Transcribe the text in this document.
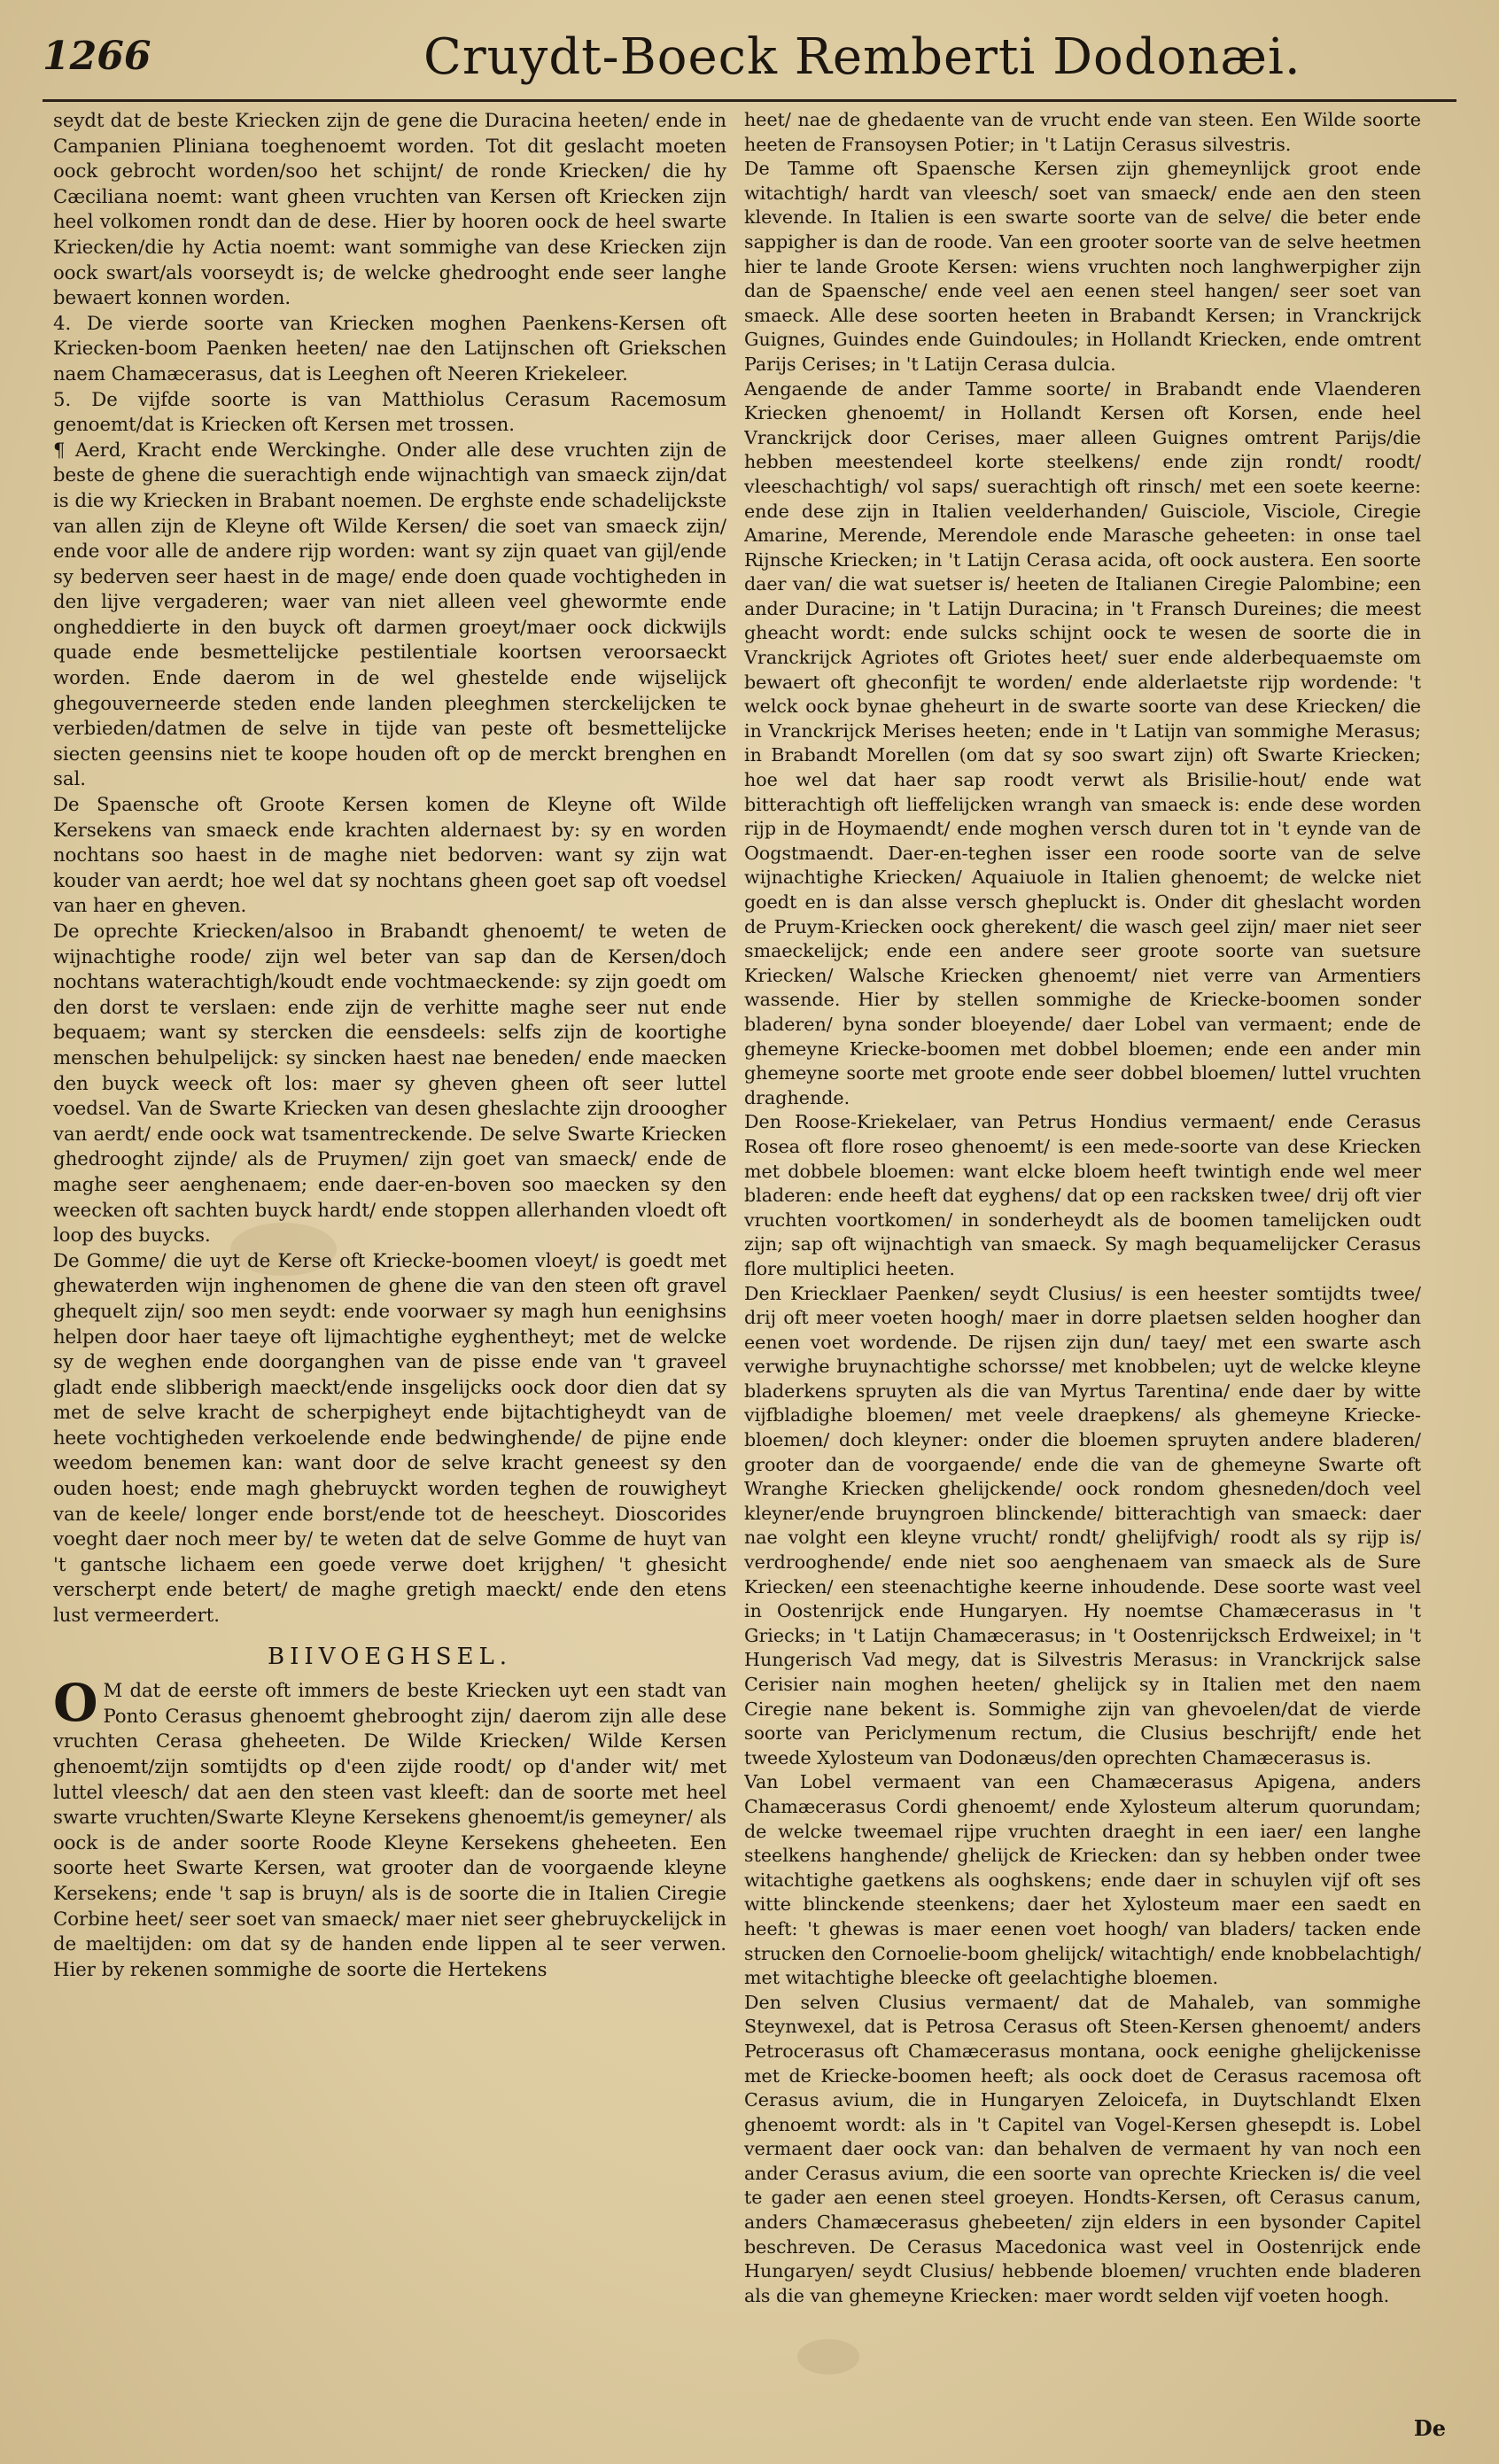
1266	Cruydt-Boeck Remberti Dodonæi.

seydt dat de beste Kriecken zijn de gene die Duracina heeten/ ende in Campanien Pliniana toeghenoemt worden. Tot dit geslacht moeten oock gebrocht worden/soo het schijnt/ de ronde Kriecken/ die hy Cæciliana noemt: want gheen vruchten van Kersen oft Kriecken zijn heel volkomen rondt dan de dese. Hier by hooren oock de heel swarte Kriecken/die hy Actia noemt: want sommighe van dese Kriecken zijn oock swart/als voorseydt is; de welcke ghedrooght ende seer langhe bewaert konnen worden.

4. De vierde soorte van Kriecken moghen Paenkens-Kersen oft Kriecken-boom Paenken heeten/ nae den Latijnschen oft Griekschen naem Chamæcerasus, dat is Leeghen oft Neeren Kriekeleer.

5. De vijfde soorte is van Matthiolus Cerasum Racemosum genoemt/dat is Kriecken oft Kersen met trossen.

¶ Aerd, Kracht ende Werckinghe. Onder alle dese vruchten zijn de beste de ghene die suerachtigh ende wijnachtigh van smaeck zijn/dat is die wy Kriecken in Brabant noemen. De erghste ende schadelijckste van allen zijn de Kleyne oft Wilde Kersen/ die soet van smaeck zijn/ ende voor alle de andere rijp worden: want sy zijn quaet van gijl/ende sy bederven seer haest in de mage/ ende doen quade vochtigheden in den lijve vergaderen; waer van niet alleen veel ghewormte ende ongheddierte in den buyck oft darmen groeyt/maer oock dickwijls quade ende besmettelijcke pestilentiale koortsen veroorsaeckt worden. Ende daerom in de wel ghestelde ende wijselijck ghegouverneerde steden ende landen pleeghmen sterckelijcken te verbieden/datmen de selve in tijde van peste oft besmettelijcke siecten geensins niet te koope houden oft op de merckt brenghen en sal.

De Spaensche oft Groote Kersen komen de Kleyne oft Wilde Kersekens van smaeck ende krachten aldernaest by: sy en worden nochtans soo haest in de maghe niet bedorven: want sy zijn wat kouder van aerdt; hoe wel dat sy nochtans gheen goet sap oft voedsel van haer en gheven.

De oprechte Kriecken/alsoo in Brabandt ghenoemt/ te weten de wijnachtighe roode/ zijn wel beter van sap dan de Kersen/doch nochtans waterachtigh/koudt ende vochtmaeckende: sy zijn goedt om den dorst te verslaen: ende zijn de verhitte maghe seer nut ende bequaem; want sy stercken die eensdeels: selfs zijn de koortighe menschen behulpelijck: sy sincken haest nae beneden/ ende maecken den buyck weeck oft los: maer sy gheven gheen oft seer luttel voedsel. Van de Swarte Kriecken van desen gheslachte zijn drooogher van aerdt/ ende oock wat tsamentreckende. De selve Swarte Kriecken ghedrooght zijnde/ als de Pruymen/ zijn goet van smaeck/ ende de maghe seer aenghenaem; ende daer-en-boven soo maecken sy den weecken oft sachten buyck hardt/ ende stoppen allerhanden vloedt oft loop des buycks.

De Gomme/ die uyt de Kerse oft Kriecke-boomen vloeyt/ is goedt met ghewaterden wijn inghenomen de ghene die van den steen oft gravel ghequelt zijn/ soo men seydt: ende voorwaer sy magh hun eenighsins helpen door haer taeye oft lijmachtighe eyghentheyt; met de welcke sy de weghen ende doorganghen van de pisse ende van 't graveel gladt ende slibberigh maeckt/ende insgelijcks oock door dien dat sy met de selve kracht de scherpigheyt ende bijtachtigheydt van de heete vochtigheden verkoelende ende bedwinghende/ de pijne ende weedom benemen kan: want door de selve kracht geneest sy den ouden hoest; ende magh ghebruyckt worden teghen de rouwigheyt van de keele/ longer ende borst/ende tot de heescheyt. Dioscorides voeght daer noch meer by/ te weten dat de selve Gomme de huyt van 't gantsche lichaem een goede verwe doet krijghen/ 't ghesicht verscherpt ende betert/ de maghe gretigh maeckt/ ende den etens lust vermeerdert.

BIIVOEGHSEL.

O M dat de eerste oft immers de beste Kriecken uyt een stadt van Ponto Cerasus ghenoemt ghebrooght zijn/ daerom zijn alle dese vruchten Cerasa gheheeten. De Wilde Kriecken/ Wilde Kersen ghenoemt/zijn somtijdts op d'een zijde roodt/ op d'ander wit/ met luttel vleesch/ dat aen den steen vast kleeft: dan de soorte met heel swarte vruchten/Swarte Kleyne Kersekens ghenoemt/is gemeyner/ als oock is de ander soorte Roode Kleyne Kersekens gheheeten. Een soorte heet Swarte Kersen, wat grooter dan de voorgaende kleyne Kersekens; ende 't sap is bruyn/ als is de soorte die in Italien Ciregie Corbine heet/ seer soet van smaeck/ maer niet seer ghebruyckelijck in de maeltijden: om dat sy de handen ende lippen al te seer verwen. Hier by rekenen sommighe de soorte die Hertekens

heet/ nae de ghedaente van de vrucht ende van steen. Een Wilde soorte heeten de Fransoysen Potier; in 't Latijn Cerasus silvestris.

De Tamme oft Spaensche Kersen zijn ghemeynlijck groot ende witachtigh/ hardt van vleesch/ soet van smaeck/ ende aen den steen klevende. In Italien is een swarte soorte van de selve/ die beter ende sappigher is dan de roode. Van een grooter soorte van de selve heetmen hier te lande Groote Kersen: wiens vruchten noch langhwerpigher zijn dan de Spaensche/ ende veel aen eenen steel hangen/ seer soet van smaeck. Alle dese soorten heeten in Brabandt Kersen; in Vranckrijck Guignes, Guindes ende Guindoules; in Hollandt Kriecken, ende omtrent Parijs Cerises; in 't Latijn Cerasa dulcia.

Aengaende de ander Tamme soorte/ in Brabandt ende Vlaenderen Kriecken ghenoemt/ in Hollandt Kersen oft Korsen, ende heel Vranckrijck door Cerises, maer alleen Guignes omtrent Parijs/die hebben meestendeel korte steelkens/ ende zijn rondt/ roodt/ vleeschachtigh/ vol saps/ suerachtigh oft rinsch/ met een soete keerne: ende dese zijn in Italien veelderhanden/ Guisciole, Visciole, Ciregie Amarine, Merende, Merendole ende Marasche geheeten: in onse tael Rijnsche Kriecken; in 't Latijn Cerasa acida, oft oock austera. Een soorte daer van/ die wat suetser is/ heeten de Italianen Ciregie Palombine; een ander Duracine; in 't Latijn Duracina; in 't Fransch Dureines; die meest gheacht wordt: ende sulcks schijnt oock te wesen de soorte die in Vranckrijck Agriotes oft Griotes heet/ suer ende alderbequaemste om bewaert oft gheconfijt te worden/ ende alderlaetste rijp wordende: 't welck oock bynae gheheurt in de swarte soorte van dese Kriecken/ die in Vranckrijck Merises heeten; ende in 't Latijn van sommighe Merasus; in Brabandt Morellen (om dat sy soo swart zijn) oft Swarte Kriecken; hoe wel dat haer sap roodt verwt als Brisilie-hout/ ende wat bitterachtigh oft lieffelijcken wrangh van smaeck is: ende dese worden rijp in de Hoymaendt/ ende moghen versch duren tot in 't eynde van de Oogstmaendt. Daer-en-teghen isser een roode soorte van de selve wijnachtighe Kriecken/ Aquaiuole in Italien ghenoemt; de welcke niet goedt en is dan alsse versch ghepluckt is. Onder dit gheslacht worden de Pruym-Kriecken oock gherekent/ die wasch geel zijn/ maer niet seer smaeckelijck; ende een andere seer groote soorte van suetsure Kriecken/ Walsche Kriecken ghenoemt/ niet verre van Armentiers wassende. Hier by stellen sommighe de Kriecke-boomen sonder bladeren/ byna sonder bloeyende/ daer Lobel van vermaent; ende de ghemeyne Kriecke-boomen met dobbel bloemen; ende een ander min ghemeyne soorte met groote ende seer dobbel bloemen/ luttel vruchten draghende.

Den Roose-Kriekelaer, van Petrus Hondius vermaent/ ende Cerasus Rosea oft flore roseo ghenoemt/ is een mede-soorte van dese Kriecken met dobbele bloemen: want elcke bloem heeft twintigh ende wel meer bladeren: ende heeft dat eyghens/ dat op een racksken twee/ drij oft vier vruchten voortkomen/ in sonderheydt als de boomen tamelijcken oudt zijn; sap oft wijnachtigh van smaeck. Sy magh bequamelijcker Cerasus flore multiplici heeten.

Den Kriecklaer Paenken/ seydt Clusius/ is een heester somtijdts twee/ drij oft meer voeten hoogh/ maer in dorre plaetsen selden hoogher dan eenen voet wordende. De rijsen zijn dun/ taey/ met een swarte asch verwighe bruynachtighe schorsse/ met knobbelen; uyt de welcke kleyne bladerkens spruyten als die van Myrtus Tarentina/ ende daer by witte vijfbladighe bloemen/ met veele draepkens/ als ghemeyne Kriecke-bloemen/ doch kleyner: onder die bloemen spruyten andere bladeren/ grooter dan de voorgaende/ ende die van de ghemeyne Swarte oft Wranghe Kriecken ghelijckende/ oock rondom ghesneden/doch veel kleyner/ende bruyngroen blinckende/ bitterachtigh van smaeck: daer nae volght een kleyne vrucht/ rondt/ ghelijfvigh/ roodt als sy rijp is/ verdrooghende/ ende niet soo aenghenaem van smaeck als de Sure Kriecken/ een steenachtighe keerne inhoudende. Dese soorte wast veel in Oostenrijck ende Hungaryen. Hy noemtse Chamæcerasus in 't Griecks; in 't Latijn Chamæcerasus; in 't Oostenrijcksch Erdweixel; in 't Hungerisch Vad megy, dat is Silvestris Merasus: in Vranckrijck salse Cerisier nain moghen heeten/ ghelijck sy in Italien met den naem Ciregie nane bekent is. Sommighe zijn van ghevoelen/dat de vierde soorte van Periclymenum rectum, die Clusius beschrijft/ ende het tweede Xylosteum van Dodonæus/den oprechten Chamæcerasus is.

Van Lobel vermaent van een Chamæcerasus Apigena, anders Chamæcerasus Cordi ghenoemt/ ende Xylosteum alterum quorundam; de welcke tweemael rijpe vruchten draeght in een iaer/ een langhe steelkens hanghende/ ghelijck de Kriecken: dan sy hebben onder twee witachtighe gaetkens als ooghskens; ende daer in schuylen vijf oft ses witte blinckende steenkens; daer het Xylosteum maer een saedt en heeft: 't ghewas is maer eenen voet hoogh/ van bladers/ tacken ende strucken den Cornoelie-boom ghelijck/ witachtigh/ ende knobbelachtigh/ met witachtighe bleecke oft geelachtighe bloemen.

Den selven Clusius vermaent/ dat de Mahaleb, van sommighe Steynwexel, dat is Petrosa Cerasus oft Steen-Kersen ghenoemt/ anders Petrocerasus oft Chamæcerasus montana, oock eenighe ghelijckenisse met de Kriecke-boomen heeft; als oock doet de Cerasus racemosa oft Cerasus avium, die in Hungaryen Zeloicefa, in Duytschlandt Elxen ghenoemt wordt: als in 't Capitel van Vogel-Kersen ghesepdt is. Lobel vermaent daer oock van: dan behalven de vermaent hy van noch een ander Cerasus avium, die een soorte van oprechte Kriecken is/ die veel te gader aen eenen steel groeyen. Hondts-Kersen, oft Cerasus canum, anders Chamæcerasus ghebeeten/ zijn elders in een bysonder Capitel beschreven. De Cerasus Macedonica wast veel in Oostenrijck ende Hungaryen/ seydt Clusius/ hebbende bloemen/ vruchten ende bladeren als die van ghemeyne Kriecken: maer wordt selden vijf voeten hoogh.

De
